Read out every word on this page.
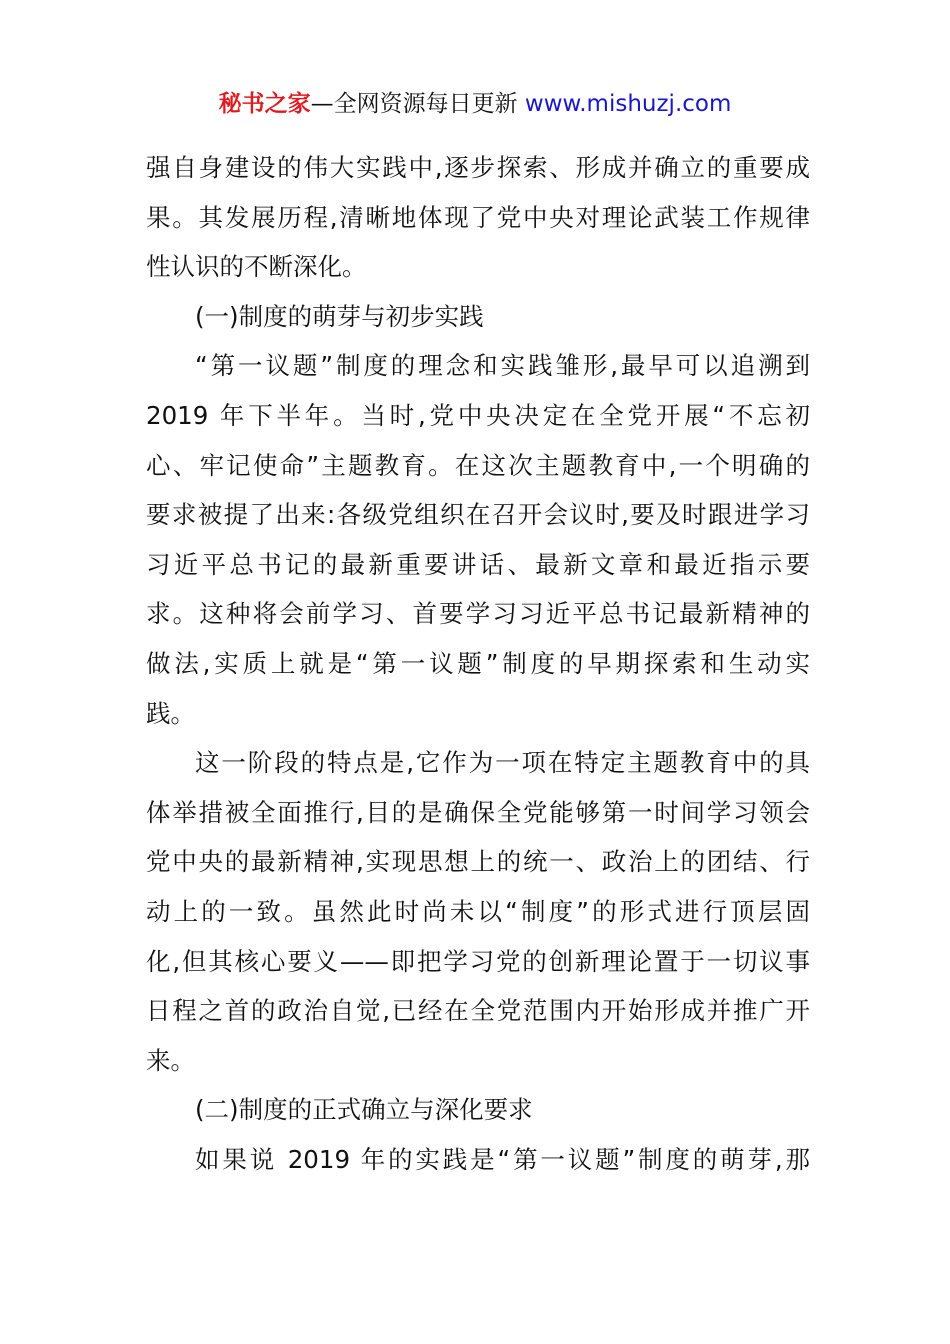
秘书之家—全网资源每日更新 www.mishuzj.com
强自身建设的伟大实践中,逐步探索、形成并确立的重要成
果。其发展历程,清晰地体现了党中央对理论武装工作规律
性认识的不断深化。
(一)制度的萌芽与初步实践
“第一议题”制度的理念和实践雏形,最早可以追溯到
2019 年下半年。当时,党中央决定在全党开展“不忘初
心、牢记使命”主题教育。在这次主题教育中,一个明确的
要求被提了出来:各级党组织在召开会议时,要及时跟进学习
习近平总书记的最新重要讲话、最新文章和最近指示要
求。这种将会前学习、首要学习习近平总书记最新精神的
做法,实质上就是“第一议题”制度的早期探索和生动实
践。
这一阶段的特点是,它作为一项在特定主题教育中的具
体举措被全面推行,目的是确保全党能够第一时间学习领会
党中央的最新精神,实现思想上的统一、政治上的团结、行
动上的一致。虽然此时尚未以“制度”的形式进行顶层固
化,但其核心要义——即把学习党的创新理论置于一切议事
日程之首的政治自觉,已经在全党范围内开始形成并推广开
来。
(二)制度的正式确立与深化要求
如果说 2019 年的实践是“第一议题”制度的萌芽,那
